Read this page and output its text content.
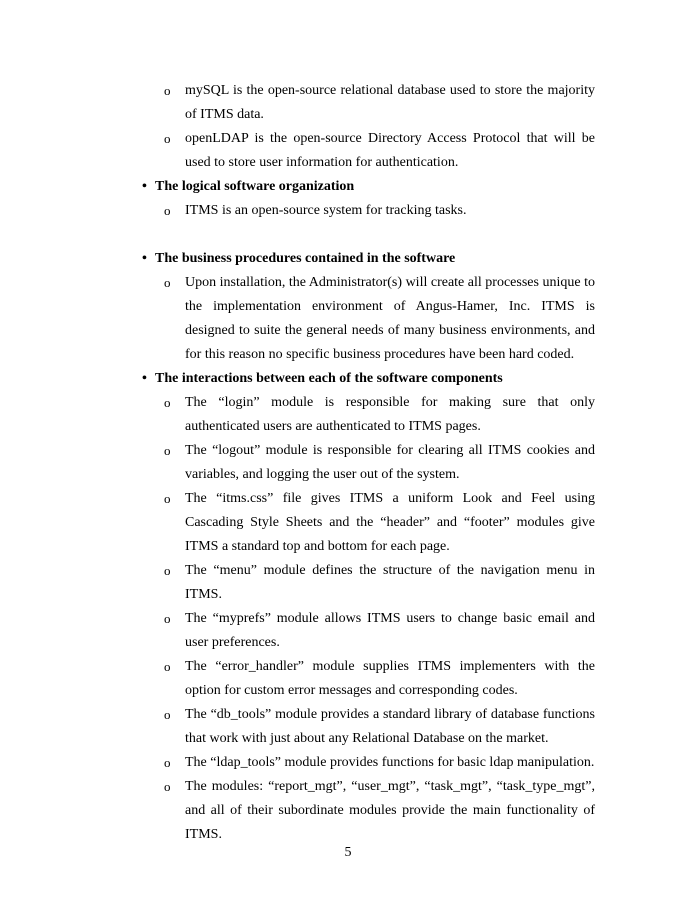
o mySQL is the open-source relational database used to store the majority of ITMS data.

o openLDAP is the open-source Directory Access Protocol that will be used to store user information for authentication.

• The logical software organization

o ITMS is an open-source system for tracking tasks.

• The business procedures contained in the software

o Upon installation, the Administrator(s) will create all processes unique to the implementation environment of Angus-Hamer, Inc. ITMS is designed to suite the general needs of many business environments, and for this reason no specific business procedures have been hard coded.

• The interactions between each of the software components

o The “login” module is responsible for making sure that only authenticated users are authenticated to ITMS pages.

o The “logout” module is responsible for clearing all ITMS cookies and variables, and logging the user out of the system.

o The “itms.css” file gives ITMS a uniform Look and Feel using Cascading Style Sheets and the “header” and “footer” modules give ITMS a standard top and bottom for each page.

o The “menu” module defines the structure of the navigation menu in ITMS.

o The “myprefs” module allows ITMS users to change basic email and user preferences.

o The “error_handler” module supplies ITMS implementers with the option for custom error messages and corresponding codes.

o The “db_tools” module provides a standard library of database functions that work with just about any Relational Database on the market.

o The “ldap_tools” module provides functions for basic ldap manipulation.

o The modules: “report_mgt”, “user_mgt”, “task_mgt”, “task_type_mgt”, and all of their subordinate modules provide the main functionality of ITMS.

5
